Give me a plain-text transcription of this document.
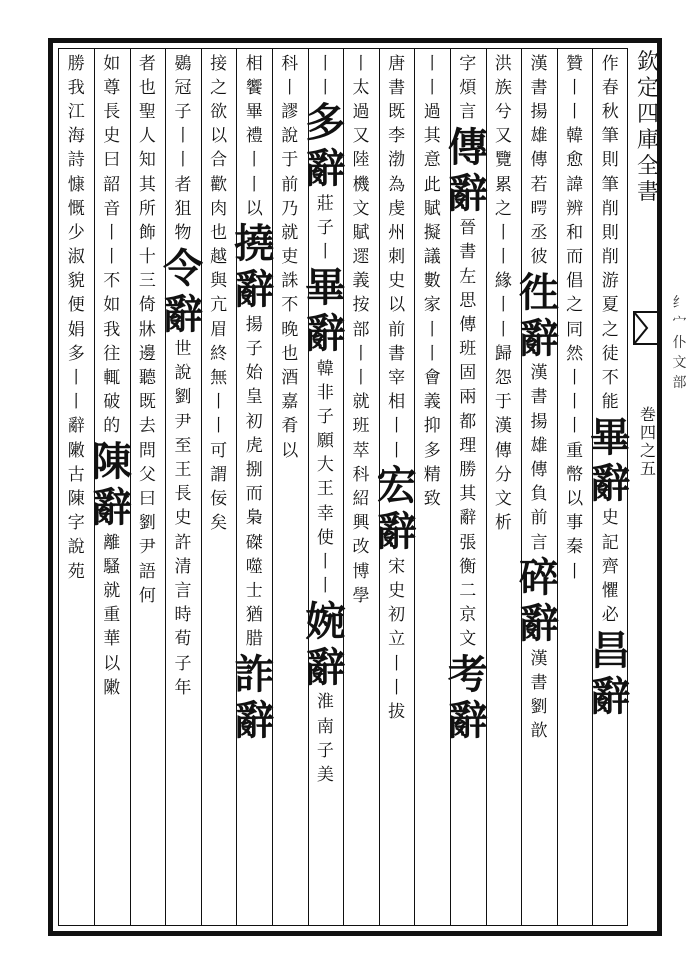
欽
定
四
庫
全
書
巻
四
之
五
纟
宀
仆
文
部
作
春
秋
筆
則
筆
削
則
削
游
夏
之
徒
不
能
畢
辭
史
記
齊
懼
必
昌
辭
贊
丨
丨
韓
愈
諱
辨
和
而
倡
之
同
然
丨
丨
丨
重
幣
以
事
秦
丨
漢
書
揚
雄
傳
若
𥈭
丞
彼
徃
辭
漢
書
揚
雄
傳
負
前
言
碎
辭
漢
書
劉
歆
洪
族
兮
又
覽
累
之
丨
丨
緣
丨
丨
歸
怨
于
漢
傳
分
文
析
字
煩
言
傳
辭
晉
書
左
思
傳
班
固
兩
都
理
勝
其
辭
張
衡
二
京
文
考
辭
丨
丨
過
其
意
此
賦
擬
議
數
家
丨
丨
會
義
抑
多
精
致
唐
書
既
李
渤
為
虔
州
刺
史
以
前
書
宰
相
丨
丨
宏
辭
宋
史
初
立
丨
丨
拔
丨
太
過
又
陸
機
文
賦
遝
義
按
部
丨
丨
就
班
萃
科
紹
興
改
博
學
丨
丨
多
辭
莊
子
丨
畢
辭
韓
非
子
願
大
王
幸
使
丨
丨
婉
辭
淮
南
子
美
科
丨
謬
說
于
前
乃
就
吏
誅
不
晚
也
酒
嘉
肴
以
相
饗
畢
禮
丨
丨
以
撓
辭
揚
子
始
皇
初
虎
捌
而
梟
磔
噬
士
猶
腊
詐
辭
接
之
欲
以
合
歡
肉
也
越
與
亢
眉
終
無
丨
丨
可
謂
佞
矣
鷃
冠
子
丨
丨
者
狙
物
令
辭
世
說
劉
尹
至
王
長
史
許
清
言
時
荀
子
年
者
也
聖
人
知
其
所
飾
十
三
倚
牀
邊
聽
既
去
問
父
曰
劉
尹
語
何
如
尊
長
史
曰
韶
音
丨
丨
不
如
我
往
輒
破
的
陳
辭
離
騷
就
重
華
以
敶
勝
我
江
海
詩
慷
慨
少
淑
貌
便
娟
多
丨
丨
辭
敶
古
陳
字
說
苑
